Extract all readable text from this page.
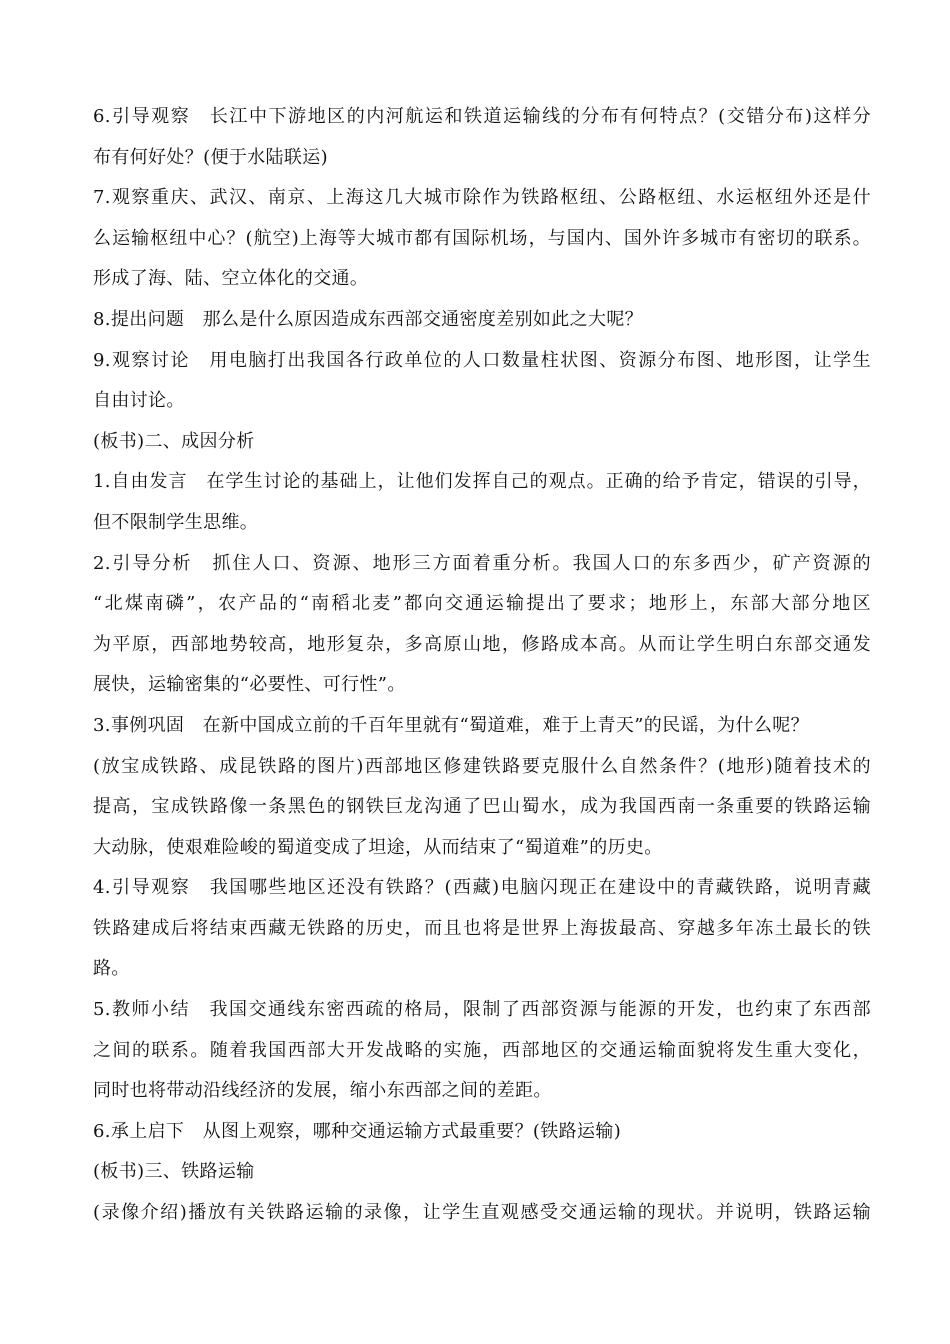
6.引导观察　长江中下游地区的内河航运和铁道运输线的分布有何特点？(交错分布)这样分
布有何好处？(便于水陆联运)
7.观察重庆、武汉、南京、上海这几大城市除作为铁路枢纽、公路枢纽、水运枢纽外还是什
么运输枢纽中心？(航空)上海等大城市都有国际机场，与国内、国外许多城市有密切的联系。
形成了海、陆、空立体化的交通。
8.提出问题　那么是什么原因造成东西部交通密度差别如此之大呢？
9.观察讨论　用电脑打出我国各行政单位的人口数量柱状图、资源分布图、地形图，让学生
自由讨论。
(板书)二、成因分析
1.自由发言　在学生讨论的基础上，让他们发挥自己的观点。正确的给予肯定，错误的引导，
但不限制学生思维。
2.引导分析　抓住人口、资源、地形三方面着重分析。我国人口的东多西少，矿产资源的
“北煤南磷”，农产品的“南稻北麦”都向交通运输提出了要求；地形上，东部大部分地区
为平原，西部地势较高，地形复杂，多高原山地，修路成本高。从而让学生明白东部交通发
展快，运输密集的“必要性、可行性”。
3.事例巩固　在新中国成立前的千百年里就有“蜀道难，难于上青天”的民谣，为什么呢？
(放宝成铁路、成昆铁路的图片)西部地区修建铁路要克服什么自然条件？(地形)随着技术的
提高，宝成铁路像一条黑色的钢铁巨龙沟通了巴山蜀水，成为我国西南一条重要的铁路运输
大动脉，使艰难险峻的蜀道变成了坦途，从而结束了“蜀道难”的历史。
4.引导观察　我国哪些地区还没有铁路？(西藏)电脑闪现正在建设中的青藏铁路，说明青藏
铁路建成后将结束西藏无铁路的历史，而且也将是世界上海拔最高、穿越多年冻土最长的铁
路。
5.教师小结　我国交通线东密西疏的格局，限制了西部资源与能源的开发，也约束了东西部
之间的联系。随着我国西部大开发战略的实施，西部地区的交通运输面貌将发生重大变化，
同时也将带动沿线经济的发展，缩小东西部之间的差距。
6.承上启下　从图上观察，哪种交通运输方式最重要？(铁路运输)
(板书)三、铁路运输
(录像介绍)播放有关铁路运输的录像，让学生直观感受交通运输的现状。并说明，铁路运输
